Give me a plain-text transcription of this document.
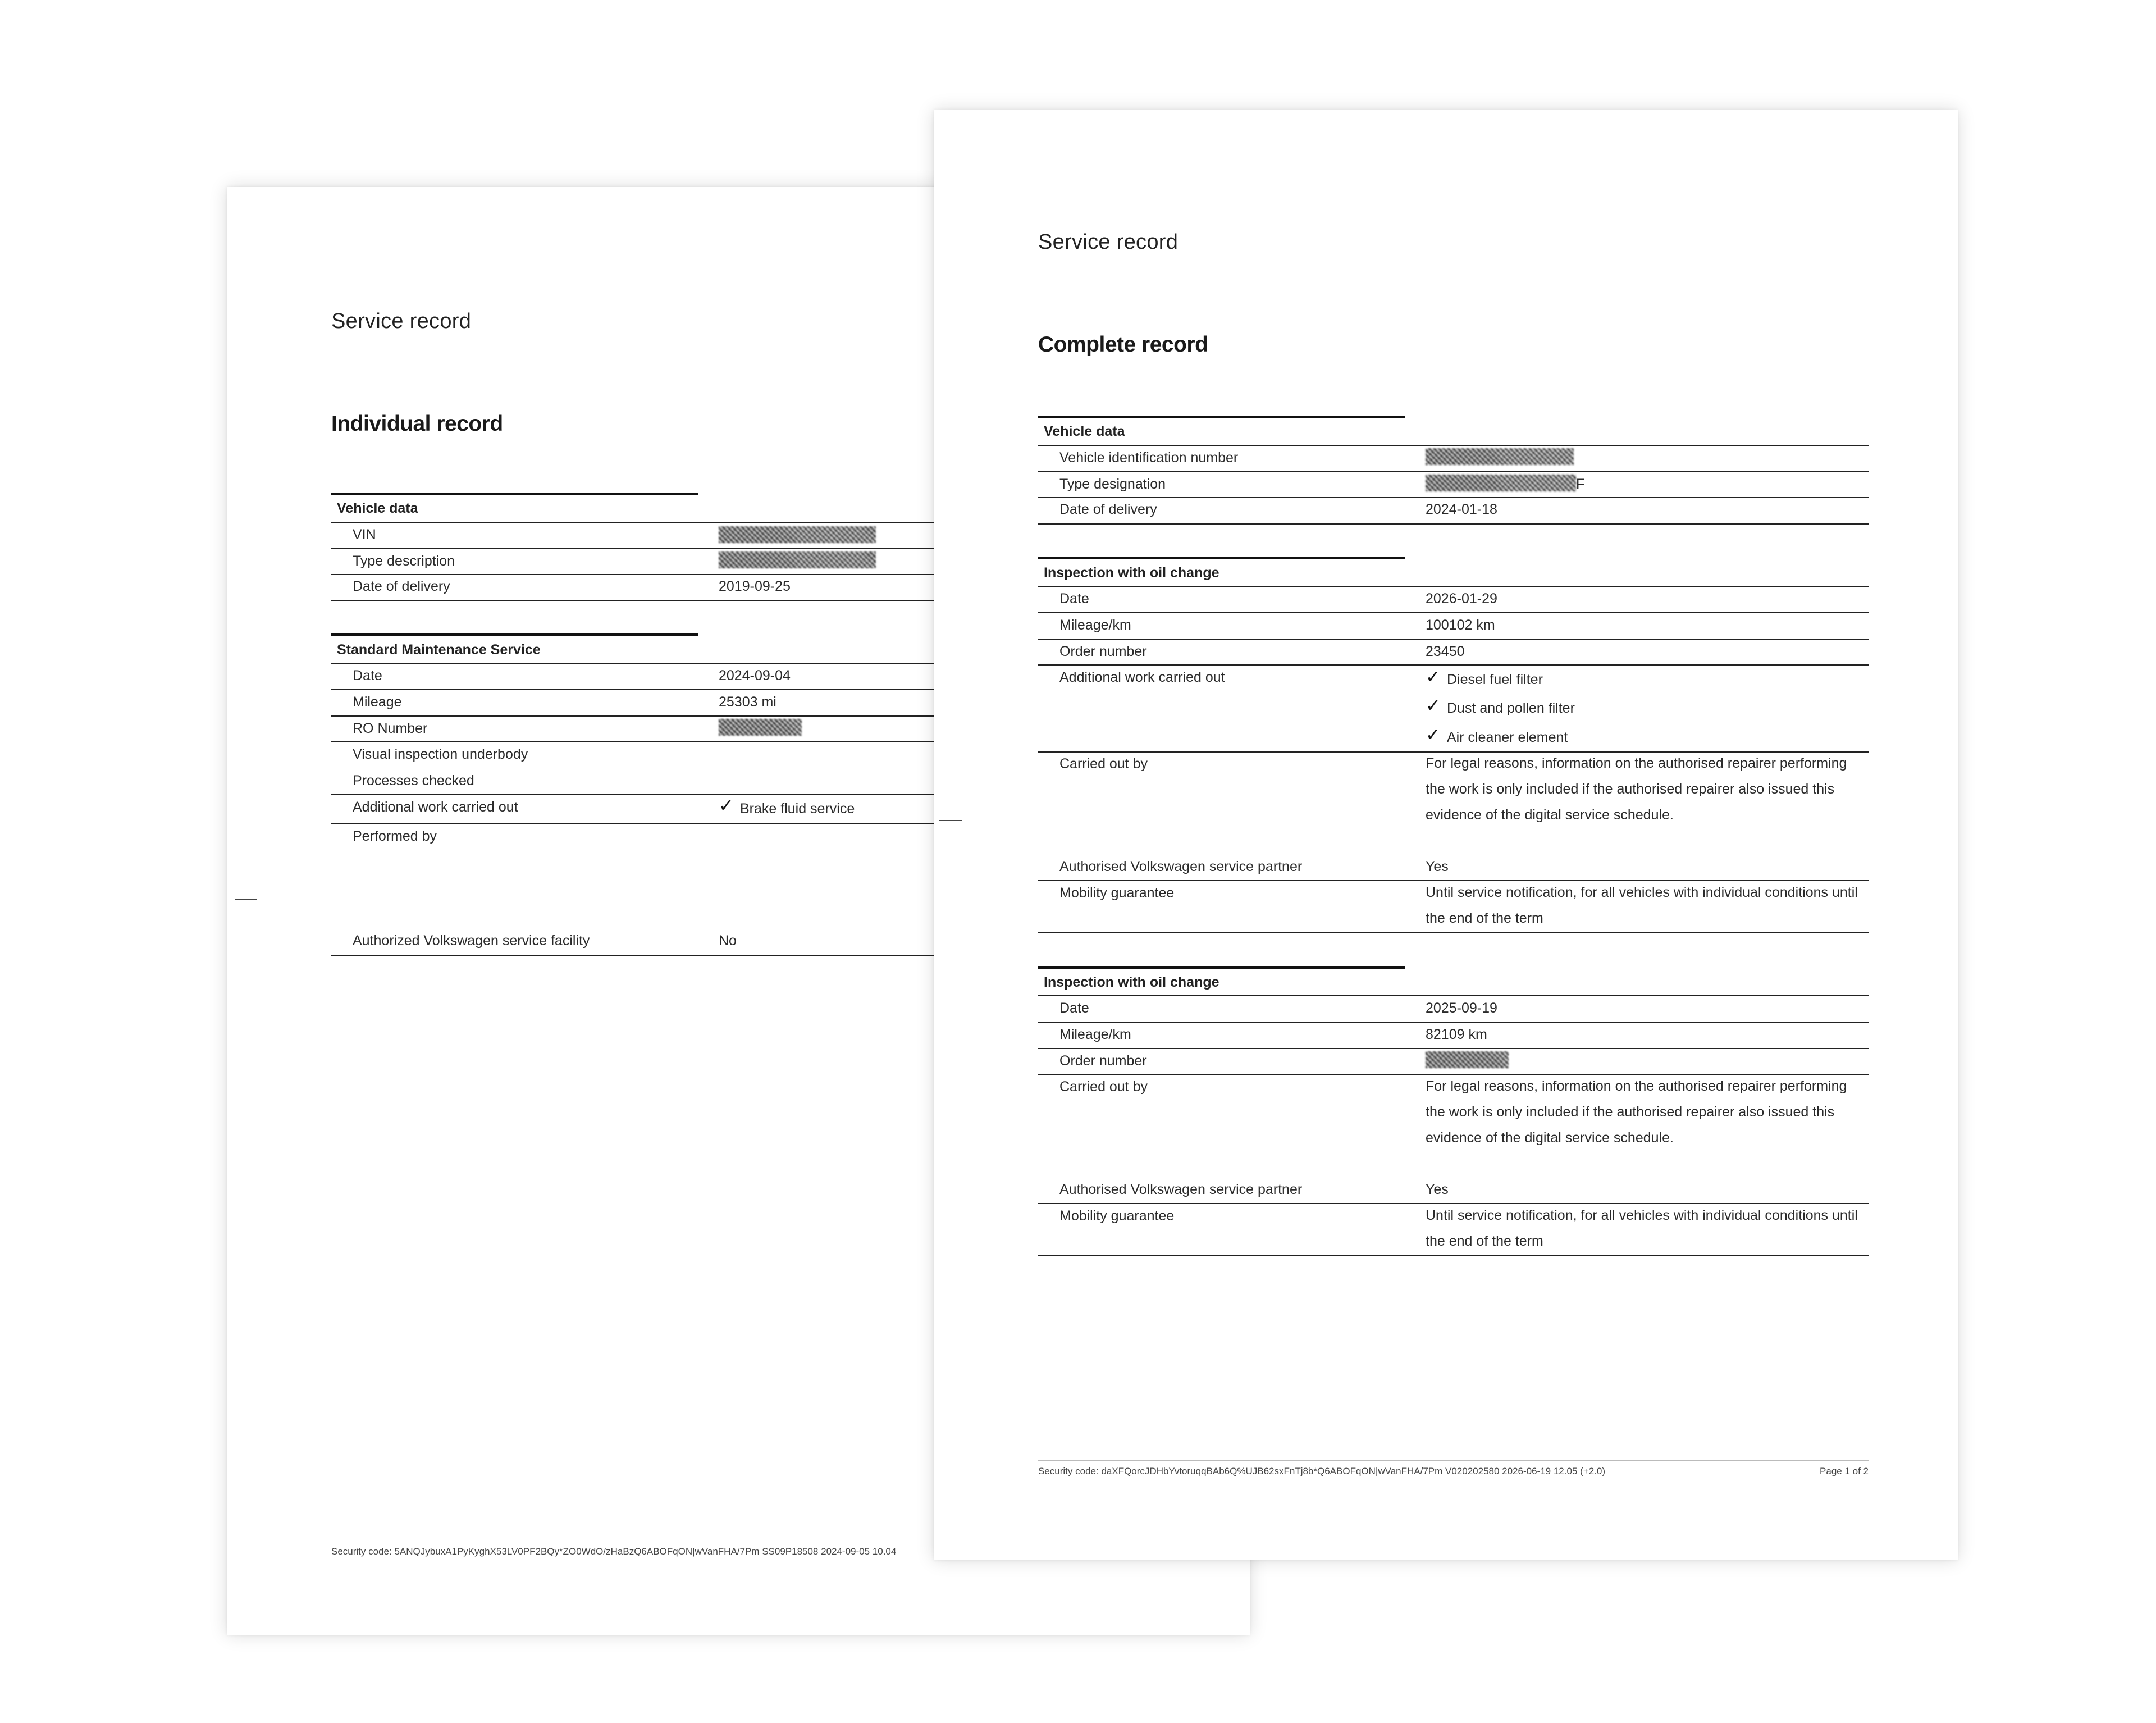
Service record
Individual record
Vehicle data
VIN
Type description
Date of delivery	2019-09-25
Standard Maintenance Service
Date	2024-09-04
Mileage	25303 mi
RO Number
Visual inspection underbody
Processes checked
Additional work carried out	✓ Brake fluid service
Performed by
Authorized Volkswagen service facility	No
Security code: 5ANQJybuxA1PyKyghX53LV0PF2BQy*ZO0WdO/zHaBzQ6ABOFqON|wVanFHA/7Pm SS09P18508 2024-09-05 10.04
Service record
Complete record
Vehicle data
Vehicle identification number
Type designation	F
Date of delivery	2024-01-18
Inspection with oil change
Date	2026-01-29
Mileage/km	100102 km
Order number	23450
Additional work carried out	✓ Diesel fuel filter
✓ Dust and pollen filter
✓ Air cleaner element
Carried out by	For legal reasons, information on the authorised repairer performing the work is only included if the authorised repairer also issued this evidence of the digital service schedule.
Authorised Volkswagen service partner	Yes
Mobility guarantee	Until service notification, for all vehicles with individual conditions until the end of the term
Inspection with oil change
Date	2025-09-19
Mileage/km	82109 km
Order number
Carried out by	For legal reasons, information on the authorised repairer performing the work is only included if the authorised repairer also issued this evidence of the digital service schedule.
Authorised Volkswagen service partner	Yes
Mobility guarantee	Until service notification, for all vehicles with individual conditions until the end of the term
Security code: daXFQorcJDHbYvtoruqqBAb6Q%UJB62sxFnTj8b*Q6ABOFqON|wVanFHA/7Pm V020202580 2026-06-19 12.05 (+2.0)	Page 1 of 2
